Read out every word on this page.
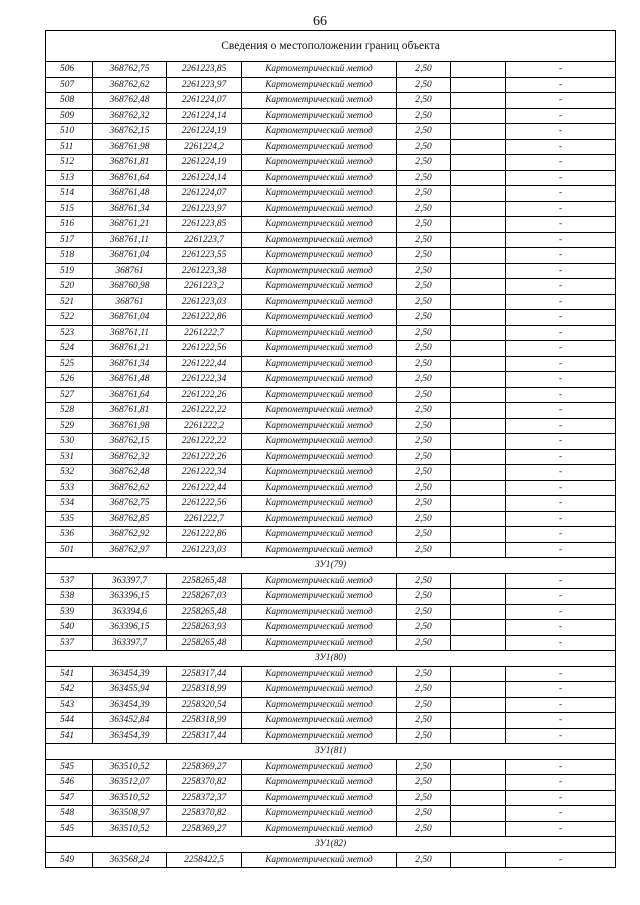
66
Сведения о местоположении границ объекта						
506	368762,75	2261223,85	Картометрический метод	2,50		-
507	368762,62	2261223,97	Картометрический метод	2,50		-
508	368762,48	2261224,07	Картометрический метод	2,50		-
509	368762,32	2261224,14	Картометрический метод	2,50		-
510	368762,15	2261224,19	Картометрический метод	2,50		-
511	368761,98	2261224,2	Картометрический метод	2,50		-
512	368761,81	2261224,19	Картометрический метод	2,50		-
513	368761,64	2261224,14	Картометрический метод	2,50		-
514	368761,48	2261224,07	Картометрический метод	2,50		-
515	368761,34	2261223,97	Картометрический метод	2,50		-
516	368761,21	2261223,85	Картометрический метод	2,50		-
517	368761,11	2261223,7	Картометрический метод	2,50		-
518	368761,04	2261223,55	Картометрический метод	2,50		-
519	368761	2261223,38	Картометрический метод	2,50		-
520	368760,98	2261223,2	Картометрический метод	2,50		-
521	368761	2261223,03	Картометрический метод	2,50		-
522	368761,04	2261222,86	Картометрический метод	2,50		-
523	368761,11	2261222,7	Картометрический метод	2,50		-
524	368761,21	2261222,56	Картометрический метод	2,50		-
525	368761,34	2261222,44	Картометрический метод	2,50		-
526	368761,48	2261222,34	Картометрический метод	2,50		-
527	368761,64	2261222,26	Картометрический метод	2,50		-
528	368761,81	2261222,22	Картометрический метод	2,50		-
529	368761,98	2261222,2	Картометрический метод	2,50		-
530	368762,15	2261222,22	Картометрический метод	2,50		-
531	368762,32	2261222,26	Картометрический метод	2,50		-
532	368762,48	2261222,34	Картометрический метод	2,50		-
533	368762,62	2261222,44	Картометрический метод	2,50		-
534	368762,75	2261222,56	Картометрический метод	2,50		-
535	368762,85	2261222,7	Картометрический метод	2,50		-
536	368762,92	2261222,86	Картометрический метод	2,50		-
501	368762,97	2261223,03	Картометрический метод	2,50		-
ЗУ1(79)						
537	363397,7	2258265,48	Картометрический метод	2,50		-
538	363396,15	2258267,03	Картометрический метод	2,50		-
539	363394,6	2258265,48	Картометрический метод	2,50		-
540	363396,15	2258263,93	Картометрический метод	2,50		-
537	363397,7	2258265,48	Картометрический метод	2,50		-
ЗУ1(80)						
541	363454,39	2258317,44	Картометрический метод	2,50		-
542	363455,94	2258318,99	Картометрический метод	2,50		-
543	363454,39	2258320,54	Картометрический метод	2,50		-
544	363452,84	2258318,99	Картометрический метод	2,50		-
541	363454,39	2258317,44	Картометрический метод	2,50		-
ЗУ1(81)						
545	363510,52	2258369,27	Картометрический метод	2,50		-
546	363512,07	2258370,82	Картометрический метод	2,50		-
547	363510,52	2258372,37	Картометрический метод	2,50		-
548	363508,97	2258370,82	Картометрический метод	2,50		-
545	363510,52	2258369,27	Картометрический метод	2,50		-
ЗУ1(82)						
549	363568,24	2258422,5	Картометрический метод	2,50		-
